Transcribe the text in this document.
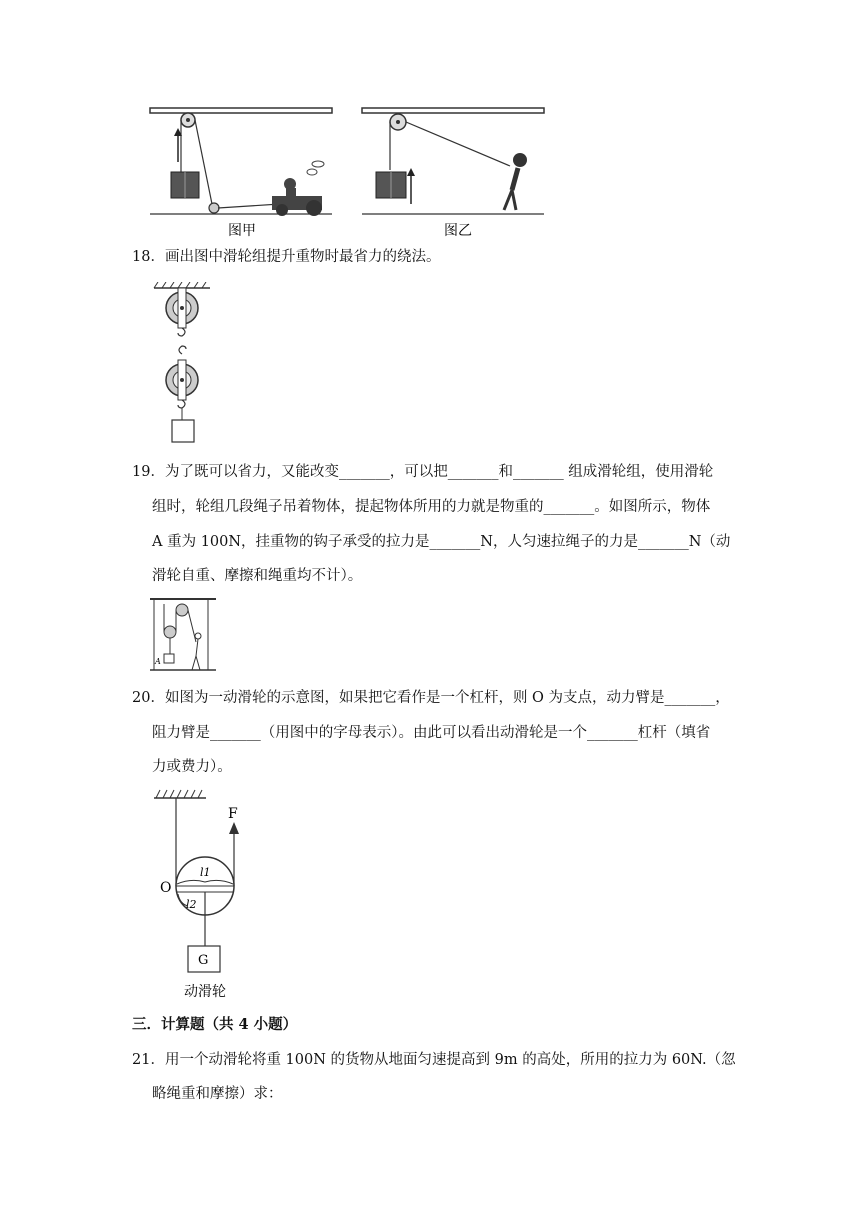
图甲	图乙
18．画出图中滑轮组提升重物时最省力的绕法。
19．为了既可以省力，又能改变_______，可以把_______和_______ 组成滑轮组，使用滑轮
组时，轮组几段绳子吊着物体，提起物体所用的力就是物重的_______。如图所示，物体
A 重为 100N，挂重物的钩子承受的拉力是_______N，人匀速拉绳子的力是_______N（动
滑轮自重、摩擦和绳重均不计）。
A
20．如图为一动滑轮的示意图，如果把它看作是一个杠杆，则 O 为支点，动力臂是_______，
阻力臂是_______（用图中的字母表示）。由此可以看出动滑轮是一个_______杠杆（填省
力或费力）。
F
l1
l2
O
G
动滑轮
三．计算题（共 4 小题）
21．用一个动滑轮将重 100N 的货物从地面匀速提高到 9m 的高处，所用的拉力为 60N.（忽
略绳重和摩擦）求：
